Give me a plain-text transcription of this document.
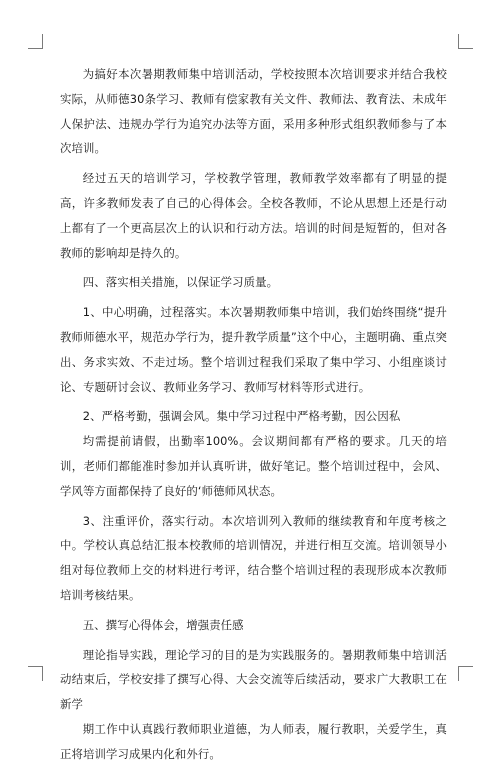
为搞好本次暑期教师集中培训活动，学校按照本次培训要求并结合我校实际，从师德30条学习、教师有偿家教有关文件、教师法、教育法、未成年人保护法、违规办学行为追究办法等方面，采用多种形式组织教师参与了本次培训。

经过五天的培训学习，学校教学管理，教师教学效率都有了明显的提高，许多教师发表了自己的心得体会。全校各教师，不论从思想上还是行动上都有了一个更高层次上的认识和行动方法。培训的时间是短暂的，但对各教师的影响却是持久的。

四、落实相关措施，以保证学习质量。

1、中心明确，过程落实。本次暑期教师集中培训，我们始终围绕“提升教师师德水平，规范办学行为，提升教学质量”这个中心，主题明确、重点突出、务求实效、不走过场。整个培训过程我们采取了集中学习、小组座谈讨论、专题研讨会议、教师业务学习、教师写材料等形式进行。

2、严格考勤，强调会风。集中学习过程中严格考勤，因公因私

均需提前请假，出勤率100%。会议期间都有严格的要求。几天的培训，老师们都能准时参加并认真听讲，做好笔记。整个培训过程中，会风、学风等方面都保持了良好的‘师德师风状态。

3、注重评价，落实行动。本次培训列入教师的继续教育和年度考核之中。学校认真总结汇报本校教师的培训情况，并进行相互交流。培训领导小组对每位教师上交的材料进行考评，结合整个培训过程的表现形成本次教师培训考核结果。

五、撰写心得体会，增强责任感

理论指导实践，理论学习的目的是为实践服务的。暑期教师集中培训活动结束后，学校安排了撰写心得、大会交流等后续活动，要求广大教职工在新学

期工作中认真践行教师职业道德，为人师表，履行教职，关爱学生，真正将培训学习成果内化和外行。
